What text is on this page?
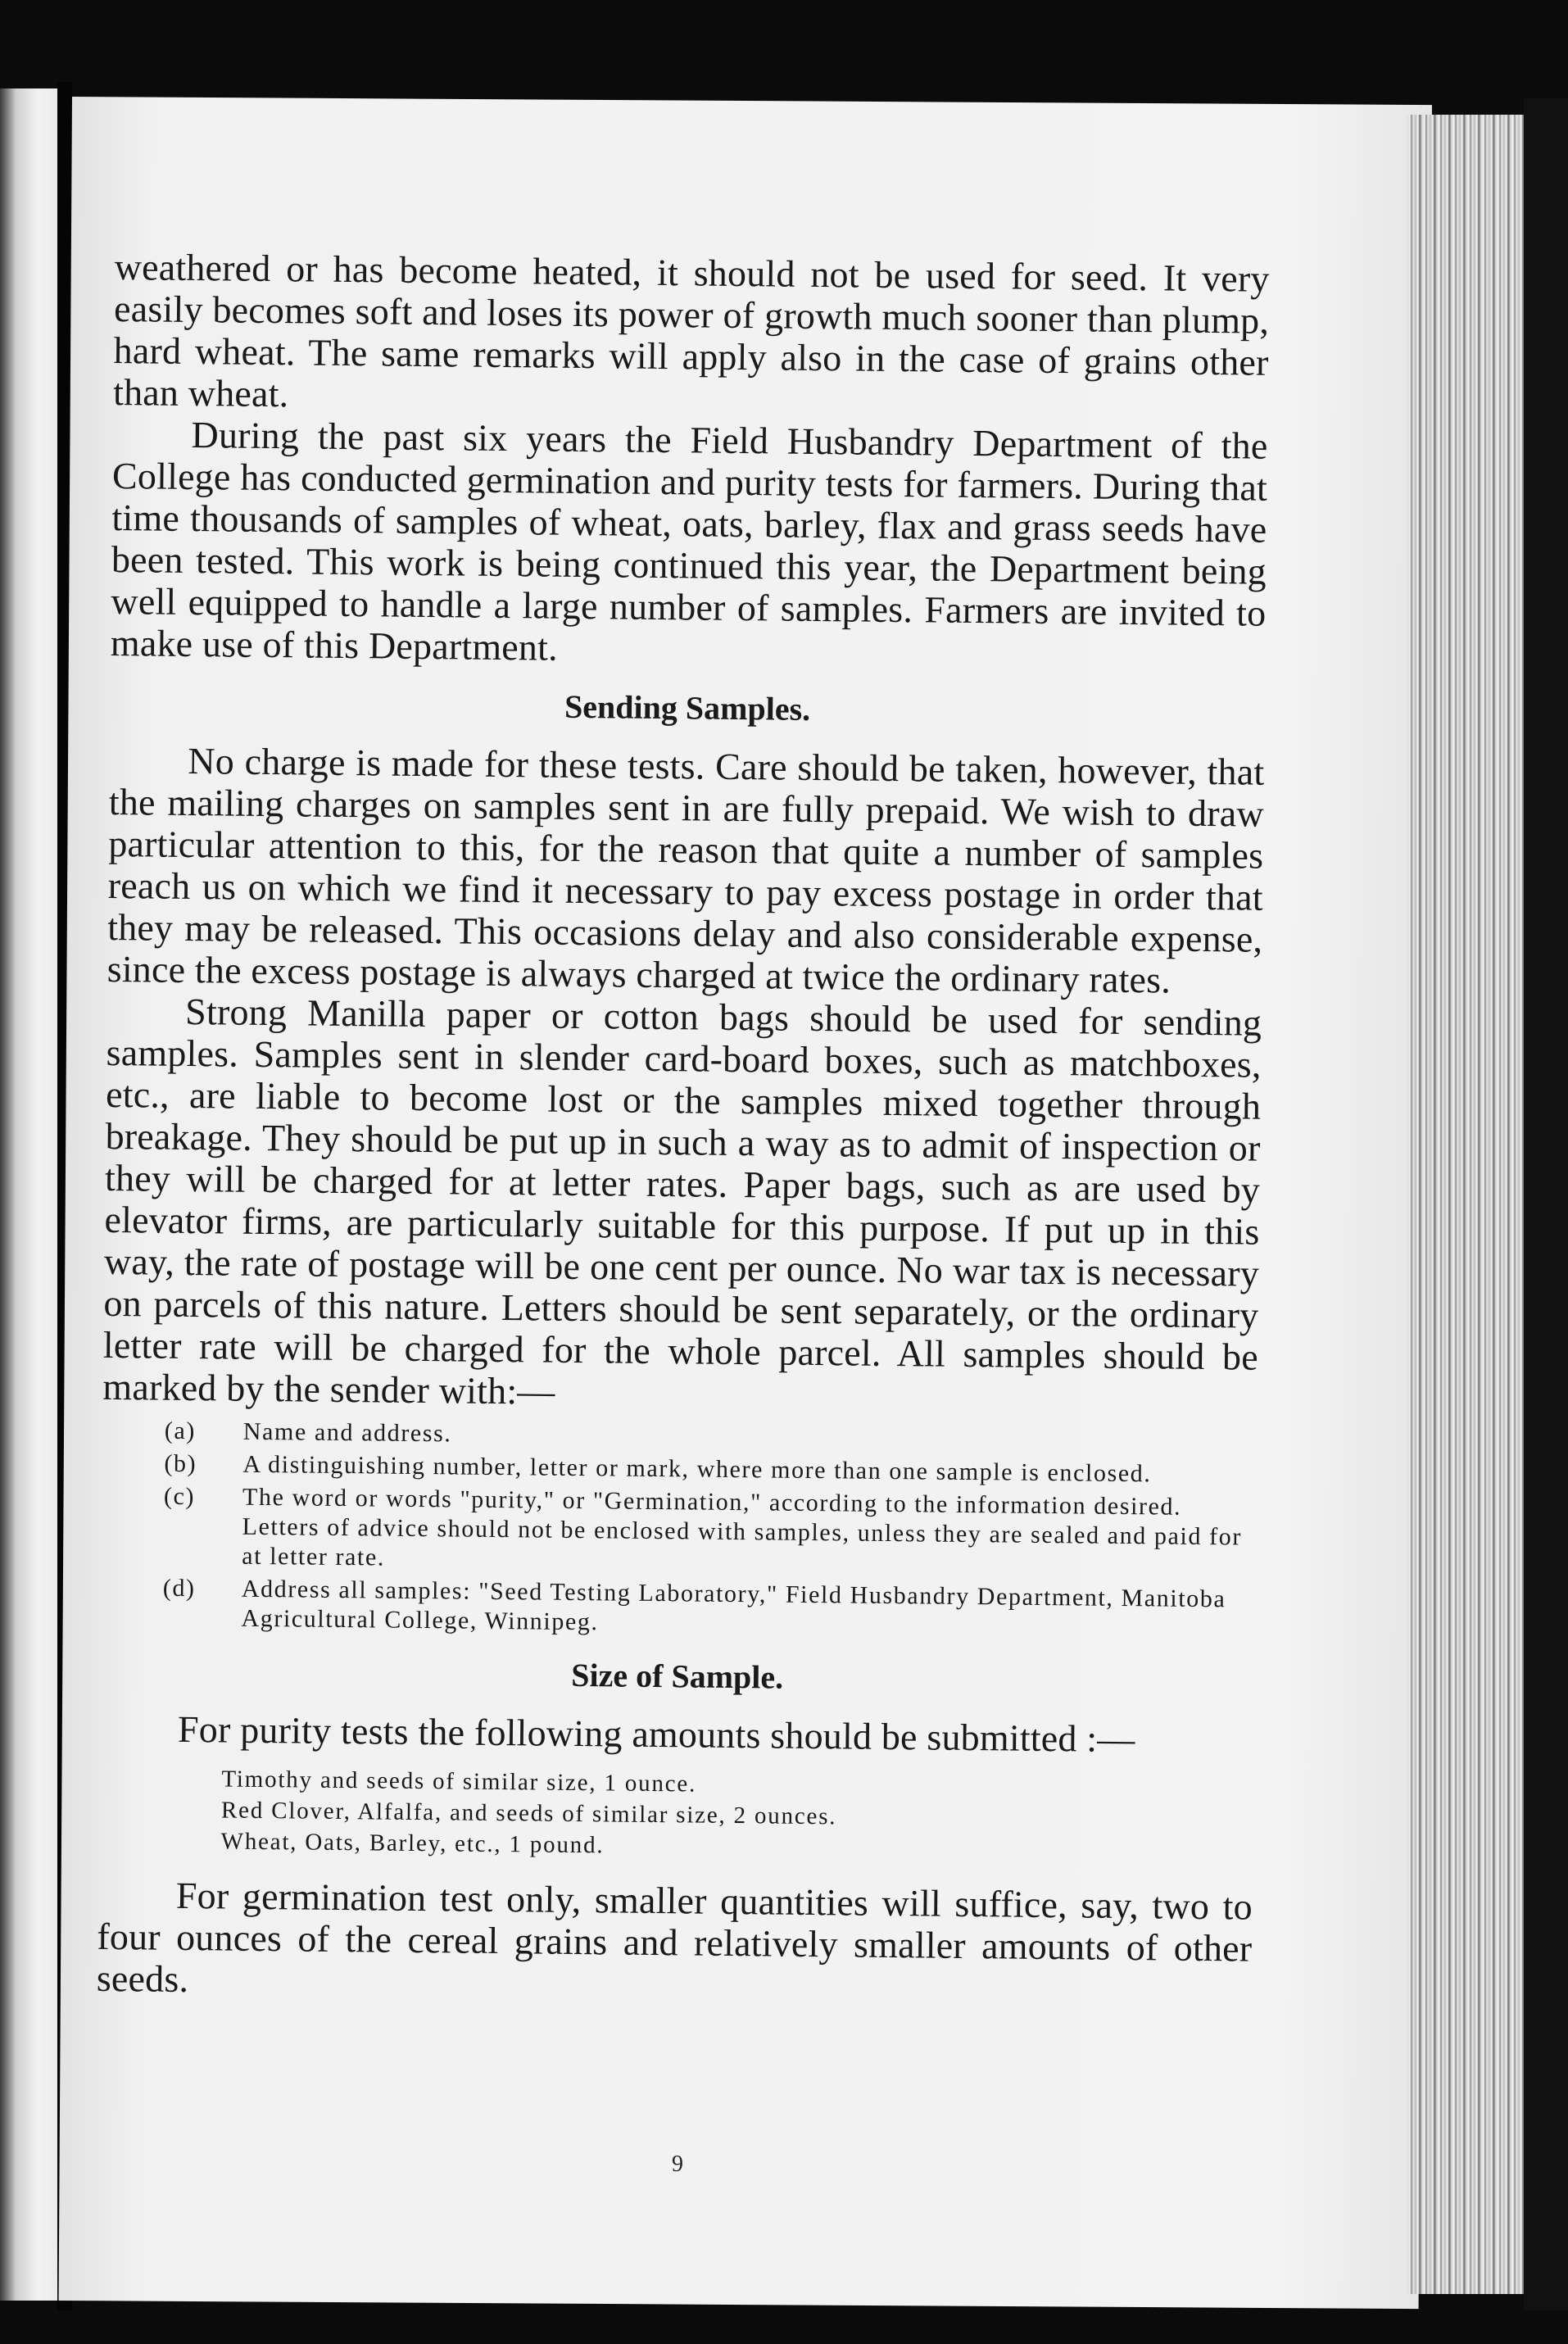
weathered or has become heated, it should not be used for seed. It very easily becomes soft and loses its power of growth much sooner than plump, hard wheat. The same remarks will apply also in the case of grains other than wheat.

During the past six years the Field Husbandry Department of the College has conducted germination and purity tests for farmers. During that time thousands of samples of wheat, oats, barley, flax and grass seeds have been tested. This work is being continued this year, the Department being well equipped to handle a large number of samples. Farmers are invited to make use of this Department.

Sending Samples.

No charge is made for these tests. Care should be taken, however, that the mailing charges on samples sent in are fully prepaid. We wish to draw particular attention to this, for the reason that quite a number of samples reach us on which we find it necessary to pay excess postage in order that they may be released. This occasions delay and also considerable expense, since the excess postage is always charged at twice the ordinary rates.

Strong Manilla paper or cotton bags should be used for sending samples. Samples sent in slender card-board boxes, such as matchboxes, etc., are liable to become lost or the samples mixed together through breakage. They should be put up in such a way as to admit of inspection or they will be charged for at letter rates. Paper bags, such as are used by elevator firms, are particularly suitable for this purpose. If put up in this way, the rate of postage will be one cent per ounce. No war tax is necessary on parcels of this nature. Letters should be sent separately, or the ordinary letter rate will be charged for the whole parcel. All samples should be marked by the sender with:—

(a) Name and address.
(b) A distinguishing number, letter or mark, where more than one sample is enclosed.
(c) The word or words "purity," or "Germination," according to the information desired. Letters of advice should not be enclosed with samples, unless they are sealed and paid for at letter rate.
(d) Address all samples: "Seed Testing Laboratory," Field Husbandry Department, Manitoba Agricultural College, Winnipeg.
Size of Sample.

For purity tests the following amounts should be submitted :—

Timothy and seeds of similar size, 1 ounce.
Red Clover, Alfalfa, and seeds of similar size, 2 ounces.
Wheat, Oats, Barley, etc., 1 pound.

For germination test only, smaller quantities will suffice, say, two to four ounces of the cereal grains and relatively smaller amounts of other seeds.

9
